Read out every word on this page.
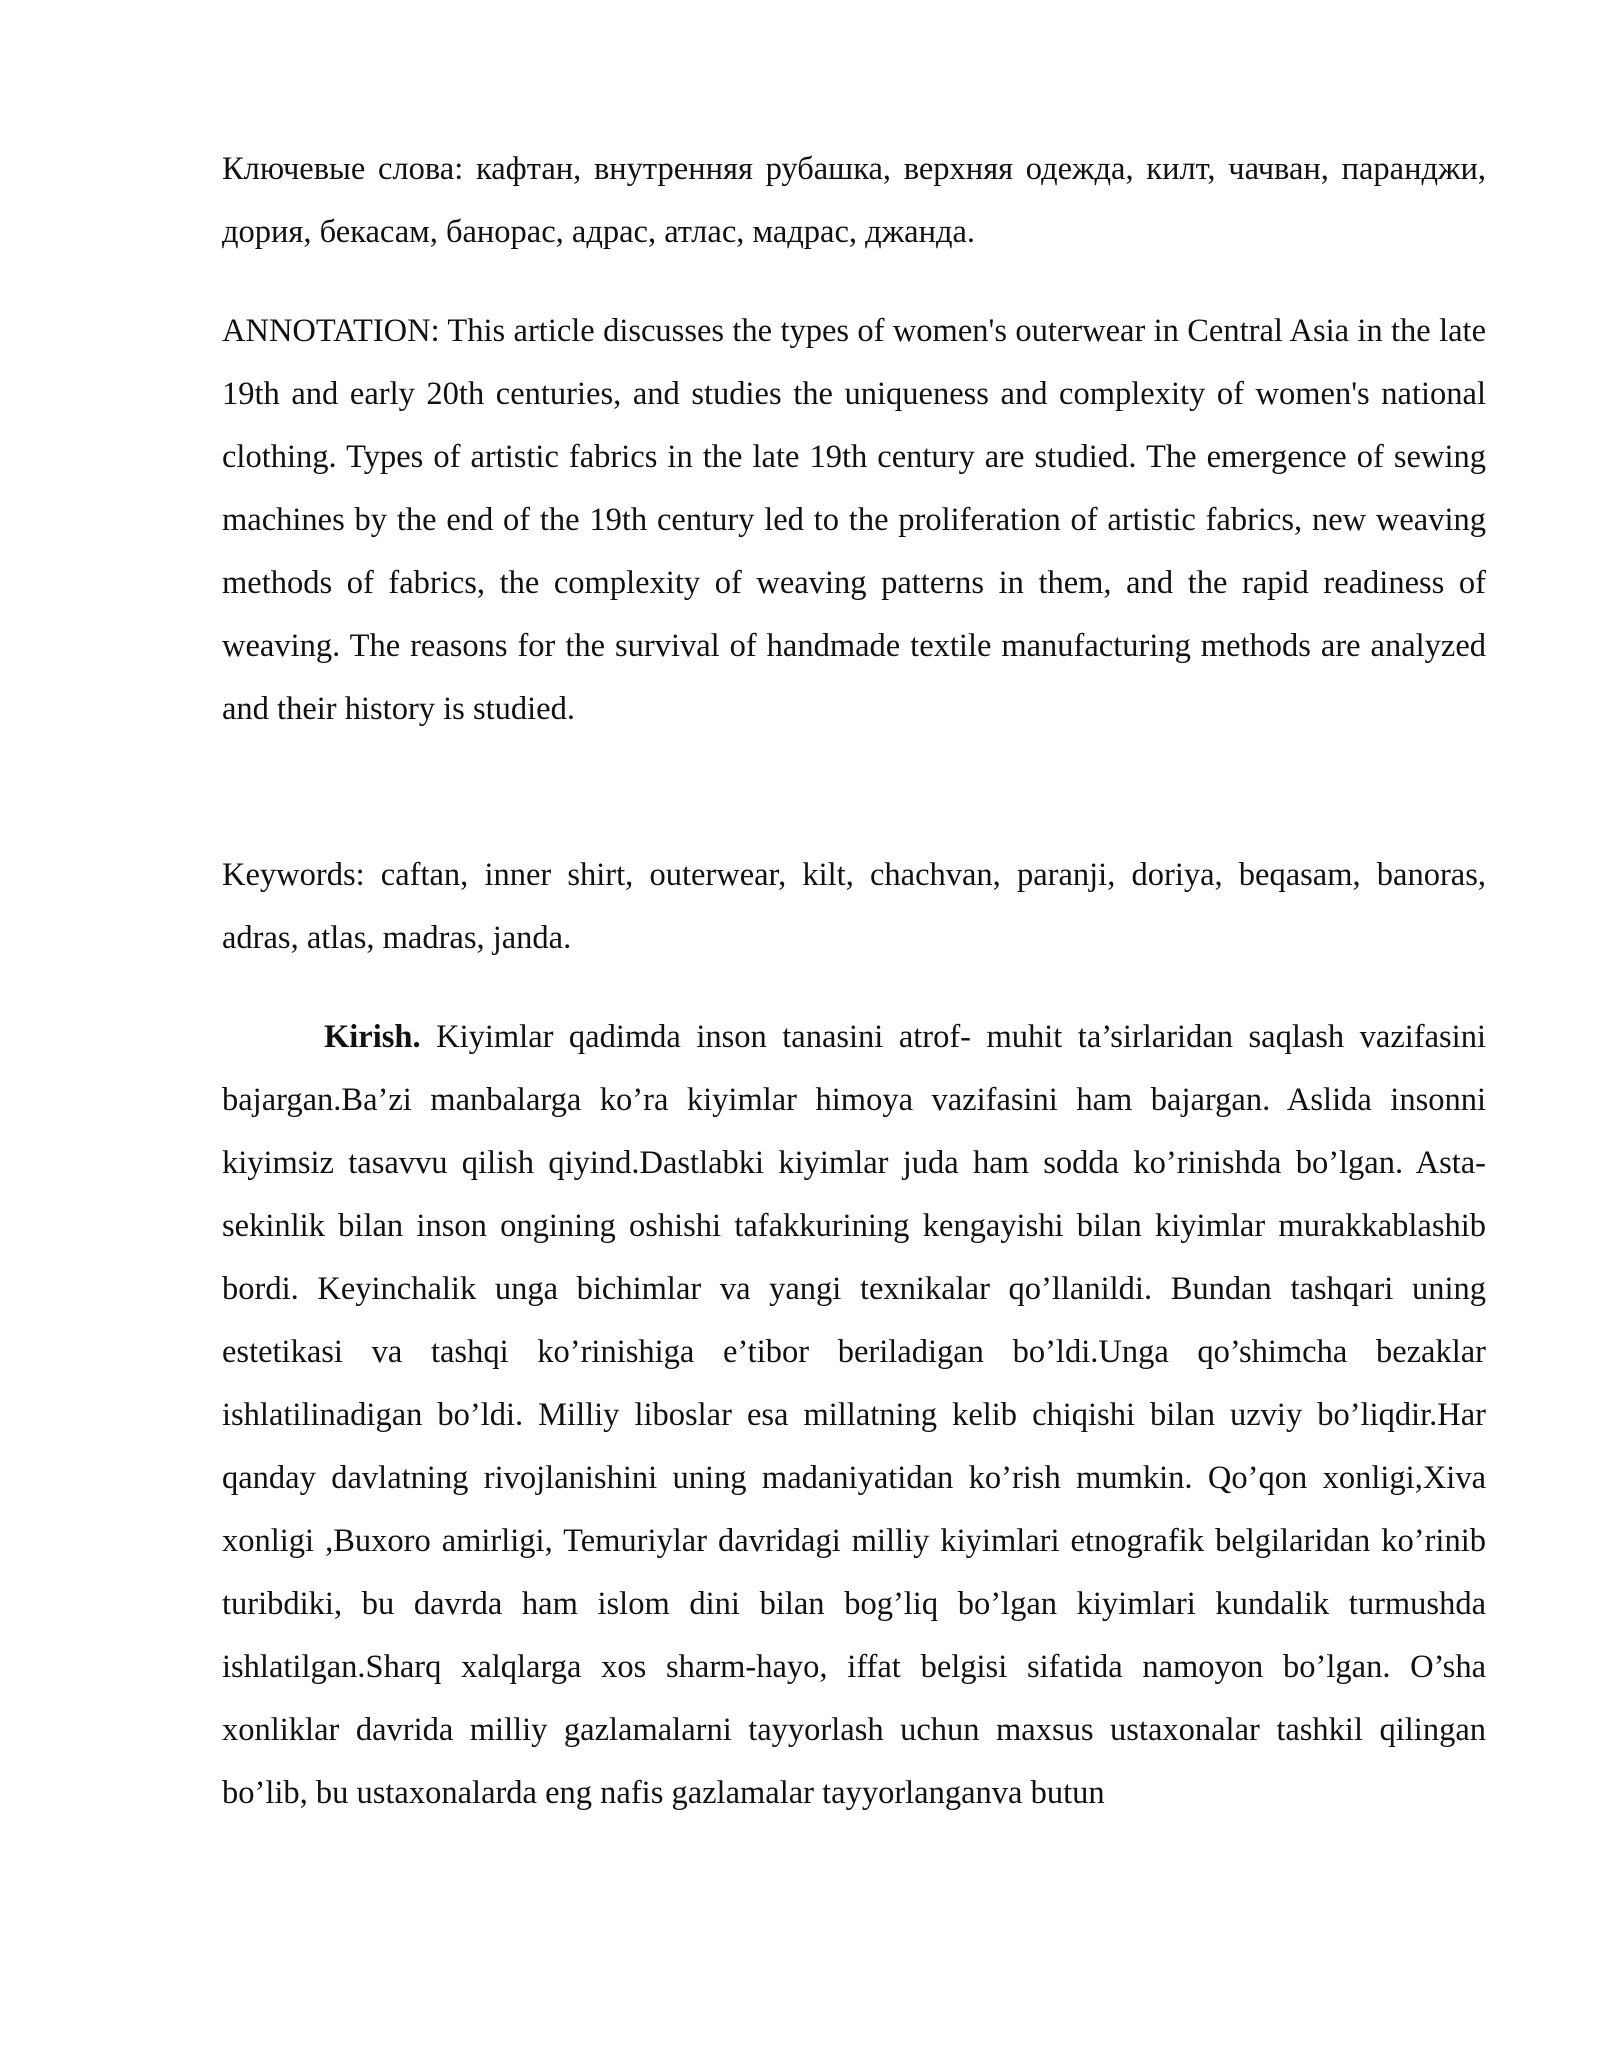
Ключевые слова: кафтан, внутренняя рубашка, верхняя одежда, килт, чачван, паранджи, дория, бекасам, банорас, адрас, атлас, мадрас, джанда.

ANNOTATION: This article discusses the types of women's outerwear in Central Asia in the late 19th and early 20th centuries, and studies the uniqueness and complexity of women's national clothing. Types of artistic fabrics in the late 19th century are studied. The emergence of sewing machines by the end of the 19th century led to the proliferation of artistic fabrics, new weaving methods of fabrics, the complexity of weaving patterns in them, and the rapid readiness of weaving. The reasons for the survival of handmade textile manufacturing methods are analyzed and their history is studied.

Keywords: caftan, inner shirt, outerwear, kilt, chachvan, paranji, doriya, beqasam, banoras, adras, atlas, madras, janda.

Kirish. Kiyimlar qadimda inson tanasini atrof- muhit ta’sirlaridan saqlash vazifasini bajargan.Ba’zi manbalarga ko’ra kiyimlar himoya vazifasini ham bajargan. Aslida insonni kiyimsiz tasavvu qilish qiyind.Dastlabki kiyimlar juda ham sodda ko’rinishda bo’lgan. Asta- sekinlik bilan inson ongining oshishi tafakkurining kengayishi bilan kiyimlar murakkablashib bordi. Keyinchalik unga bichimlar va yangi texnikalar qo’llanildi. Bundan tashqari uning estetikasi va tashqi ko’rinishiga e’tibor beriladigan bo’ldi.Unga qo’shimcha bezaklar ishlatilinadigan bo’ldi. Milliy liboslar esa millatning kelib chiqishi bilan uzviy bo’liqdir.Har qanday davlatning rivojlanishini uning madaniyatidan ko’rish mumkin. Qo’qon xonligi,Xiva xonligi ,Buxoro amirligi, Temuriylar davridagi milliy kiyimlari etnografik belgilaridan ko’rinib turibdiki, bu davrda ham islom dini bilan bog’liq bo’lgan kiyimlari kundalik turmushda ishlatilgan.Sharq xalqlarga xos sharm-hayo, iffat belgisi sifatida namoyon bo’lgan. O’sha xonliklar davrida milliy gazlamalarni tayyorlash uchun maxsus ustaxonalar tashkil qilingan bo’lib, bu ustaxonalarda eng nafis gazlamalar tayyorlanganva butun
